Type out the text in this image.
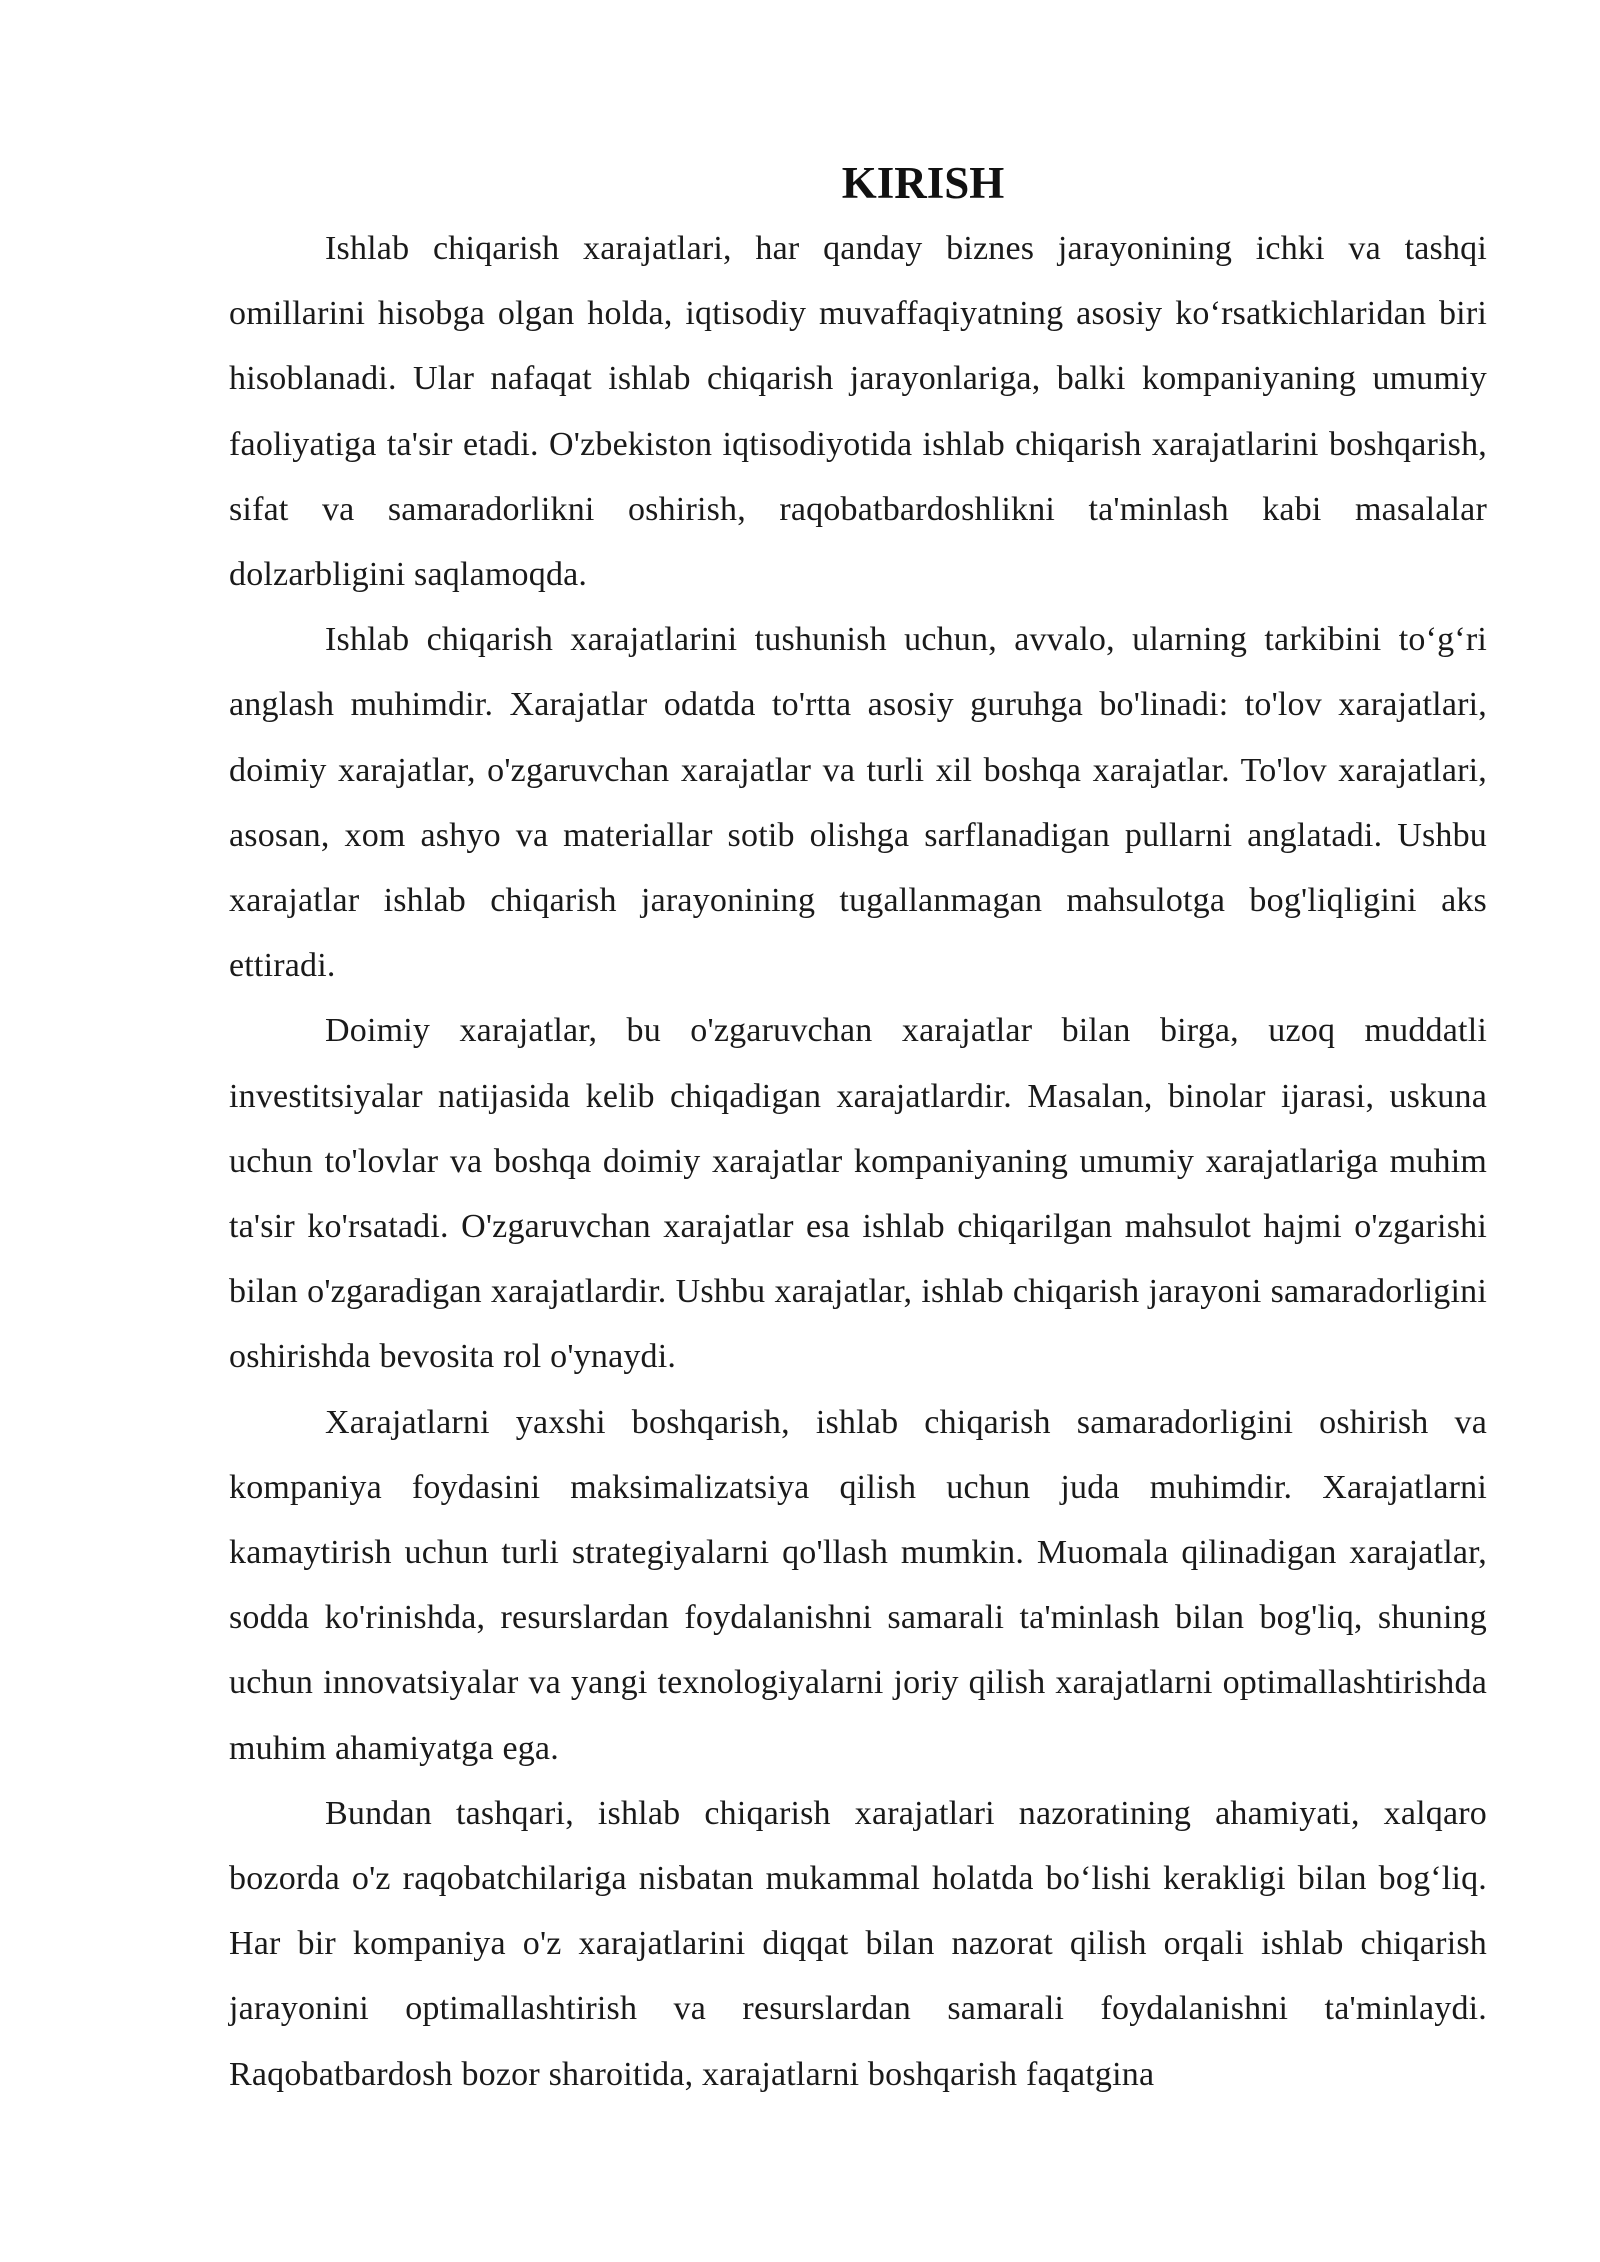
KIRISH

Ishlab chiqarish xarajatlari, har qanday biznes jarayonining ichki va tashqi omillarini hisobga olgan holda, iqtisodiy muvaffaqiyatning asosiy ko‘rsatkichlaridan biri hisoblanadi. Ular nafaqat ishlab chiqarish jarayonlariga, balki kompaniyaning umumiy faoliyatiga ta'sir etadi. O'zbekiston iqtisodiyotida ishlab chiqarish xarajatlarini boshqarish, sifat va samaradorlikni oshirish, raqobatbardoshlikni ta'minlash kabi masalalar dolzarbligini saqlamoqda.

Ishlab chiqarish xarajatlarini tushunish uchun, avvalo, ularning tarkibini to‘g‘ri anglash muhimdir. Xarajatlar odatda to'rtta asosiy guruhga bo'linadi: to'lov xarajatlari, doimiy xarajatlar, o'zgaruvchan xarajatlar va turli xil boshqa xarajatlar. To'lov xarajatlari, asosan, xom ashyo va materiallar sotib olishga sarflanadigan pullarni anglatadi. Ushbu xarajatlar ishlab chiqarish jarayonining tugallanmagan mahsulotga bog'liqligini aks ettiradi.

Doimiy xarajatlar, bu o'zgaruvchan xarajatlar bilan birga, uzoq muddatli investitsiyalar natijasida kelib chiqadigan xarajatlardir. Masalan, binolar ijarasi, uskuna uchun to'lovlar va boshqa doimiy xarajatlar kompaniyaning umumiy xarajatlariga muhim ta'sir ko'rsatadi. O'zgaruvchan xarajatlar esa ishlab chiqarilgan mahsulot hajmi o'zgarishi bilan o'zgaradigan xarajatlardir. Ushbu xarajatlar, ishlab chiqarish jarayoni samaradorligini oshirishda bevosita rol o'ynaydi.

Xarajatlarni yaxshi boshqarish, ishlab chiqarish samaradorligini oshirish va kompaniya foydasini maksimalizatsiya qilish uchun juda muhimdir. Xarajatlarni kamaytirish uchun turli strategiyalarni qo'llash mumkin. Muomala qilinadigan xarajatlar, sodda ko'rinishda, resurslardan foydalanishni samarali ta'minlash bilan bog'liq, shuning uchun innovatsiyalar va yangi texnologiyalarni joriy qilish xarajatlarni optimallashtirishda muhim ahamiyatga ega.

Bundan tashqari, ishlab chiqarish xarajatlari nazoratining ahamiyati, xalqaro bozorda o'z raqobatchilariga nisbatan mukammal holatda bo‘lishi kerakligi bilan bog‘liq. Har bir kompaniya o'z xarajatlarini diqqat bilan nazorat qilish orqali ishlab chiqarish jarayonini optimallashtirish va resurslardan samarali foydalanishni ta'minlaydi. Raqobatbardosh bozor sharoitida, xarajatlarni boshqarish faqatgina
